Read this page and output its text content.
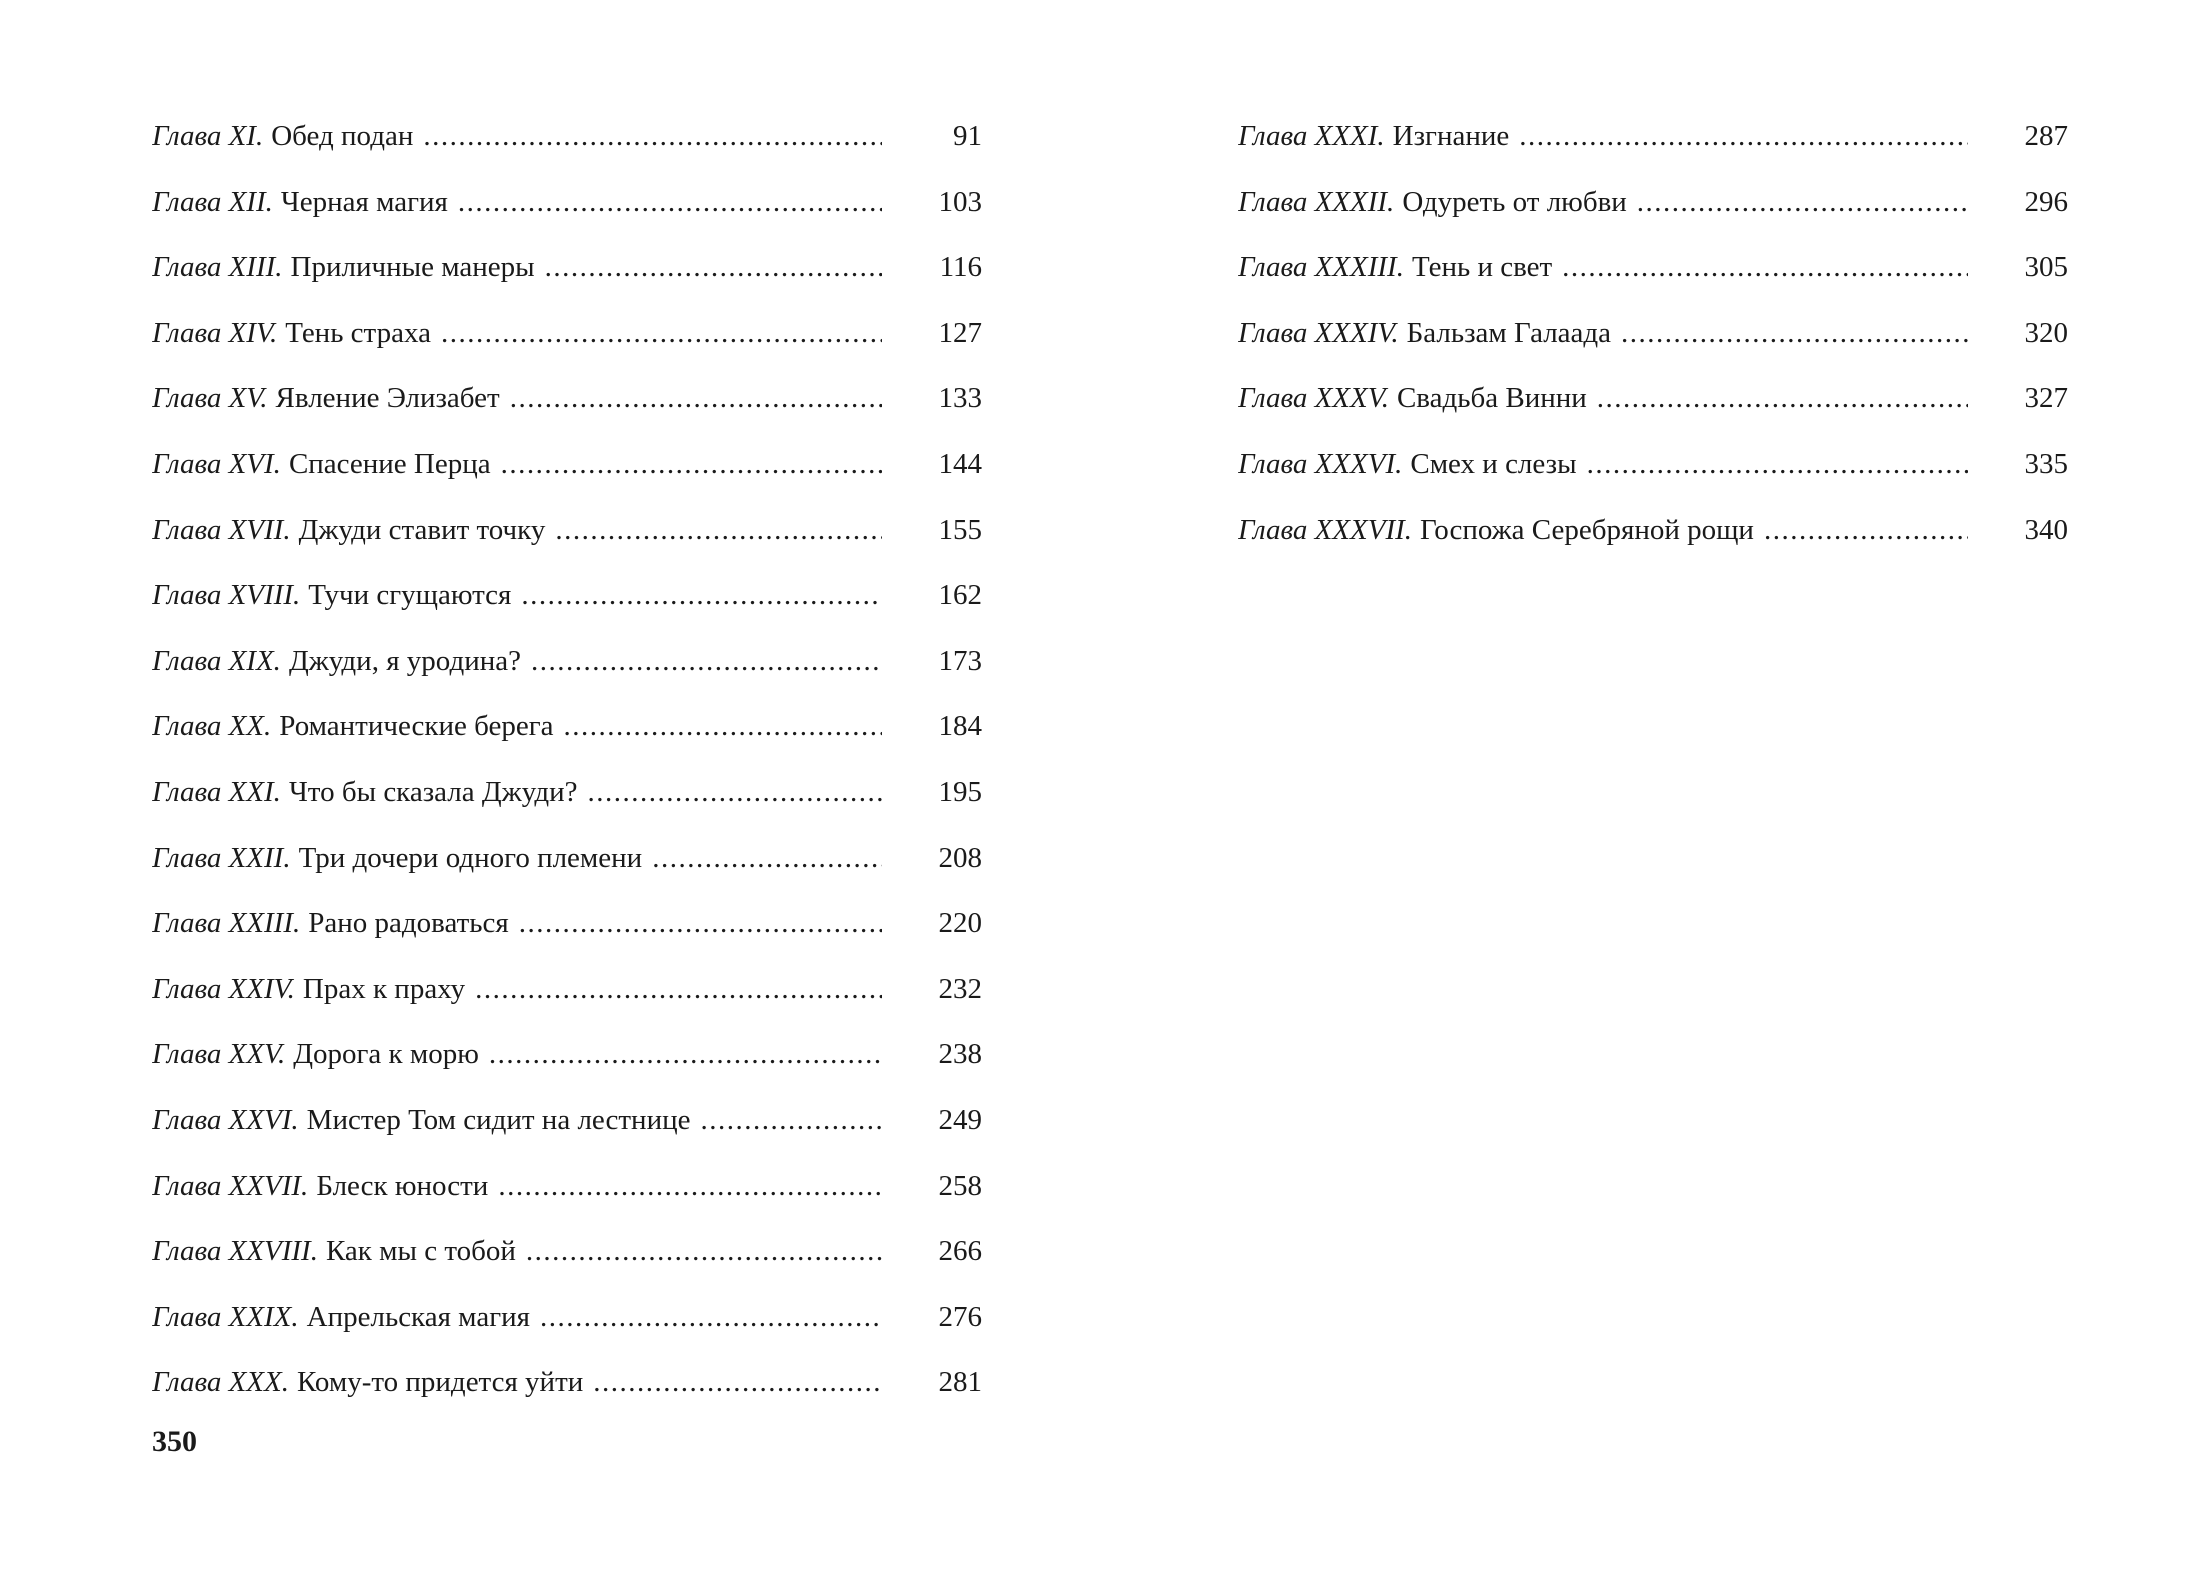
Глава XI. Обед подан .....	91
Глава XII. Черная магия .....	103
Глава XIII. Приличные манеры .....	116
Глава XIV. Тень страха .....	127
Глава XV. Явление Элизабет .....	133
Глава XVI. Спасение Перца .....	144
Глава XVII. Джуди ставит точку .....	155
Глава XVIII. Тучи сгущаются .....	162
Глава XIX. Джуди, я уродина? .....	173
Глава XX. Романтические берега .....	184
Глава XXI. Что бы сказала Джуди? .....	195
Глава XXII. Три дочери одного племени .....	208
Глава XXIII. Рано радоваться .....	220
Глава XXIV. Прах к праху .....	232
Глава XXV. Дорога к морю .....	238
Глава XXVI. Мистер Том сидит на лестнице .....	249
Глава XXVII. Блеск юности .....	258
Глава XXVIII. Как мы с тобой .....	266
Глава XXIX. Апрельская магия .....	276
Глава XXX. Кому-то придется уйти .....	281
Глава XXXI. Изгнание .....	287
Глава XXXII. Одуреть от любви .....	296
Глава XXXIII. Тень и свет .....	305
Глава XXXIV. Бальзам Галаада .....	320
Глава XXXV. Свадьба Винни .....	327
Глава XXXVI. Смех и слезы .....	335
Глава XXXVII. Госпожа Серебряной рощи .....	340
350
